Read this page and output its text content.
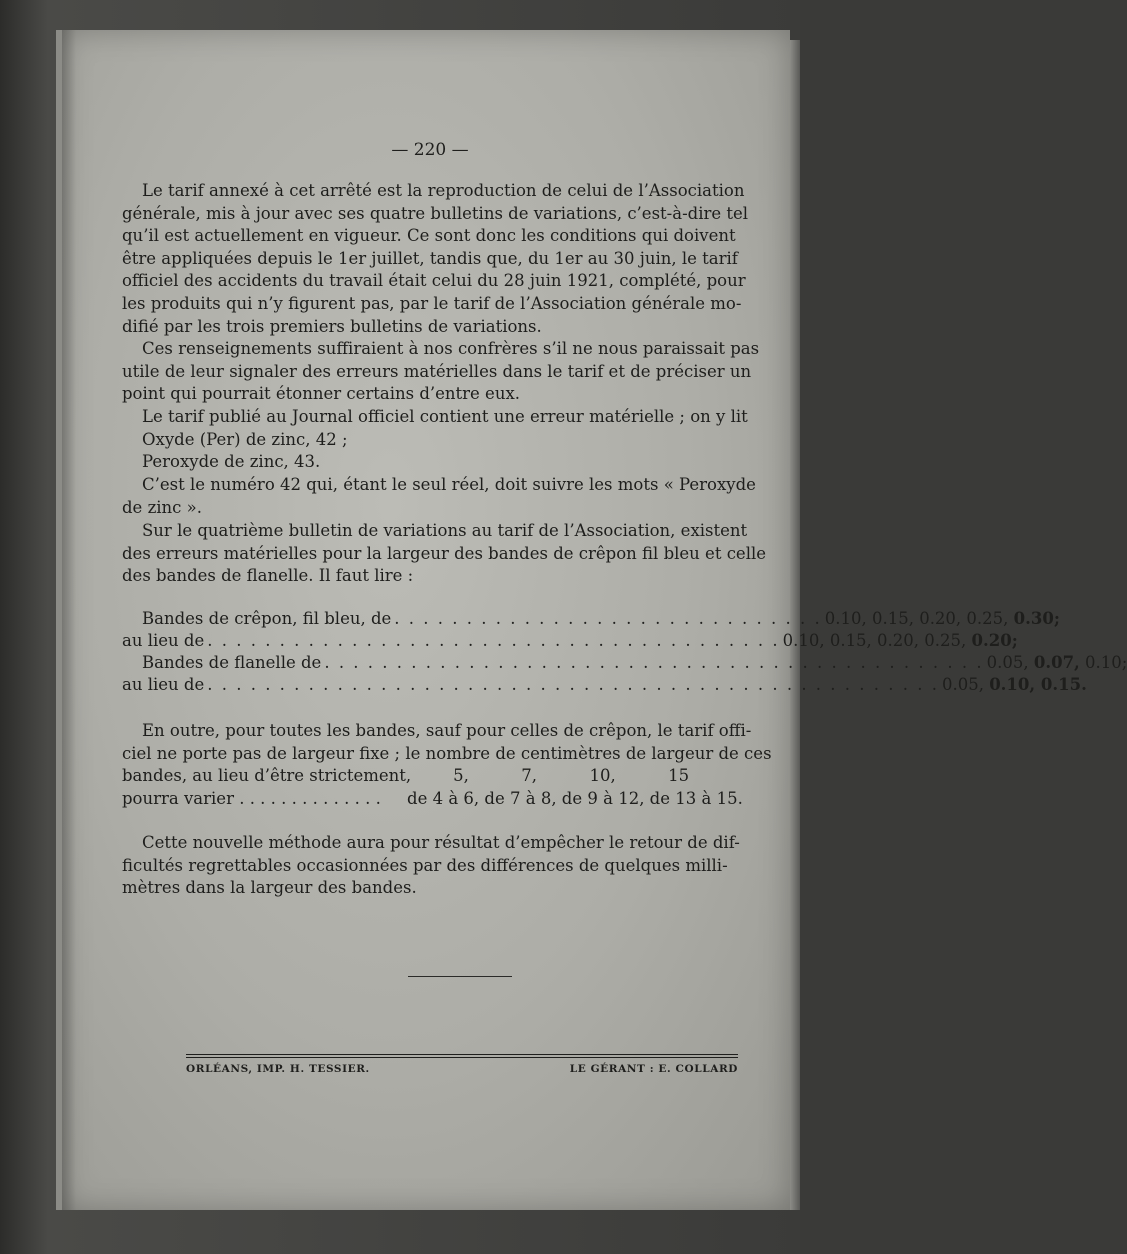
— 220 —
Le tarif annexé à cet arrêté est la reproduction de celui de l’Association
générale, mis à jour avec ses quatre bulletins de variations, c’est-à-dire tel
qu’il est actuellement en vigueur. Ce sont donc les conditions qui doivent
être appliquées depuis le 1er juillet, tandis que, du 1er au 30 juin, le tarif
officiel des accidents du travail était celui du 28 juin 1921, complété, pour
les produits qui n’y figurent pas, par le tarif de l’Association générale mo-
difié par les trois premiers bulletins de variations.
Ces renseignements suffiraient à nos confrères s’il ne nous paraissait pas
utile de leur signaler des erreurs matérielles dans le tarif et de préciser un
point qui pourrait étonner certains d’entre eux.
Le tarif publié au Journal officiel contient une erreur matérielle ; on y lit
Oxyde (Per) de zinc, 42 ;
Peroxyde de zinc, 43.
C’est le numéro 42 qui, étant le seul réel, doit suivre les mots « Peroxyde
de zinc ».
Sur le quatrième bulletin de variations au tarif de l’Association, existent
des erreurs matérielles pour la largeur des bandes de crêpon fil bleu et celle
des bandes de flanelle. Il faut lire :
Bandes de crêpon, fil bleu, de . . . . . . . . . . . . . . . . . . . . . . . . . . . . . . 0.10, 0.15, 0.20, 0.25, 0.30;
au lieu de . . . . . . . . . . . . . . . . . . . . . . . . . . . . . . . . . . . . . . . . 0.10, 0.15, 0.20, 0.25, 0.20;
Bandes de flanelle de . . . . . . . . . . . . . . . . . . . . . . . . . . . . . . . . . . . . . . . . . . . . . . 0.05, 0.07, 0.10;
au lieu de . . . . . . . . . . . . . . . . . . . . . . . . . . . . . . . . . . . . . . . . . . . . . . . . . . . 0.05, 0.10, 0.15.
En outre, pour toutes les bandes, sauf pour celles de crêpon, le tarif offi-
ciel ne porte pas de largeur fixe ; le nombre de centimètres de largeur de ces
bandes, au lieu d’être strictement,        5,          7,          10,          15
pourra varier . . . . . . . . . . . . . .     de 4 à 6, de 7 à 8, de 9 à 12, de 13 à 15.
Cette nouvelle méthode aura pour résultat d’empêcher le retour de dif-
ficultés regrettables occasionnées par des différences de quelques milli-
mètres dans la largeur des bandes.
ORLÉANS, IMP. H. TESSIER.	LE GÉRANT : E. COLLARD
